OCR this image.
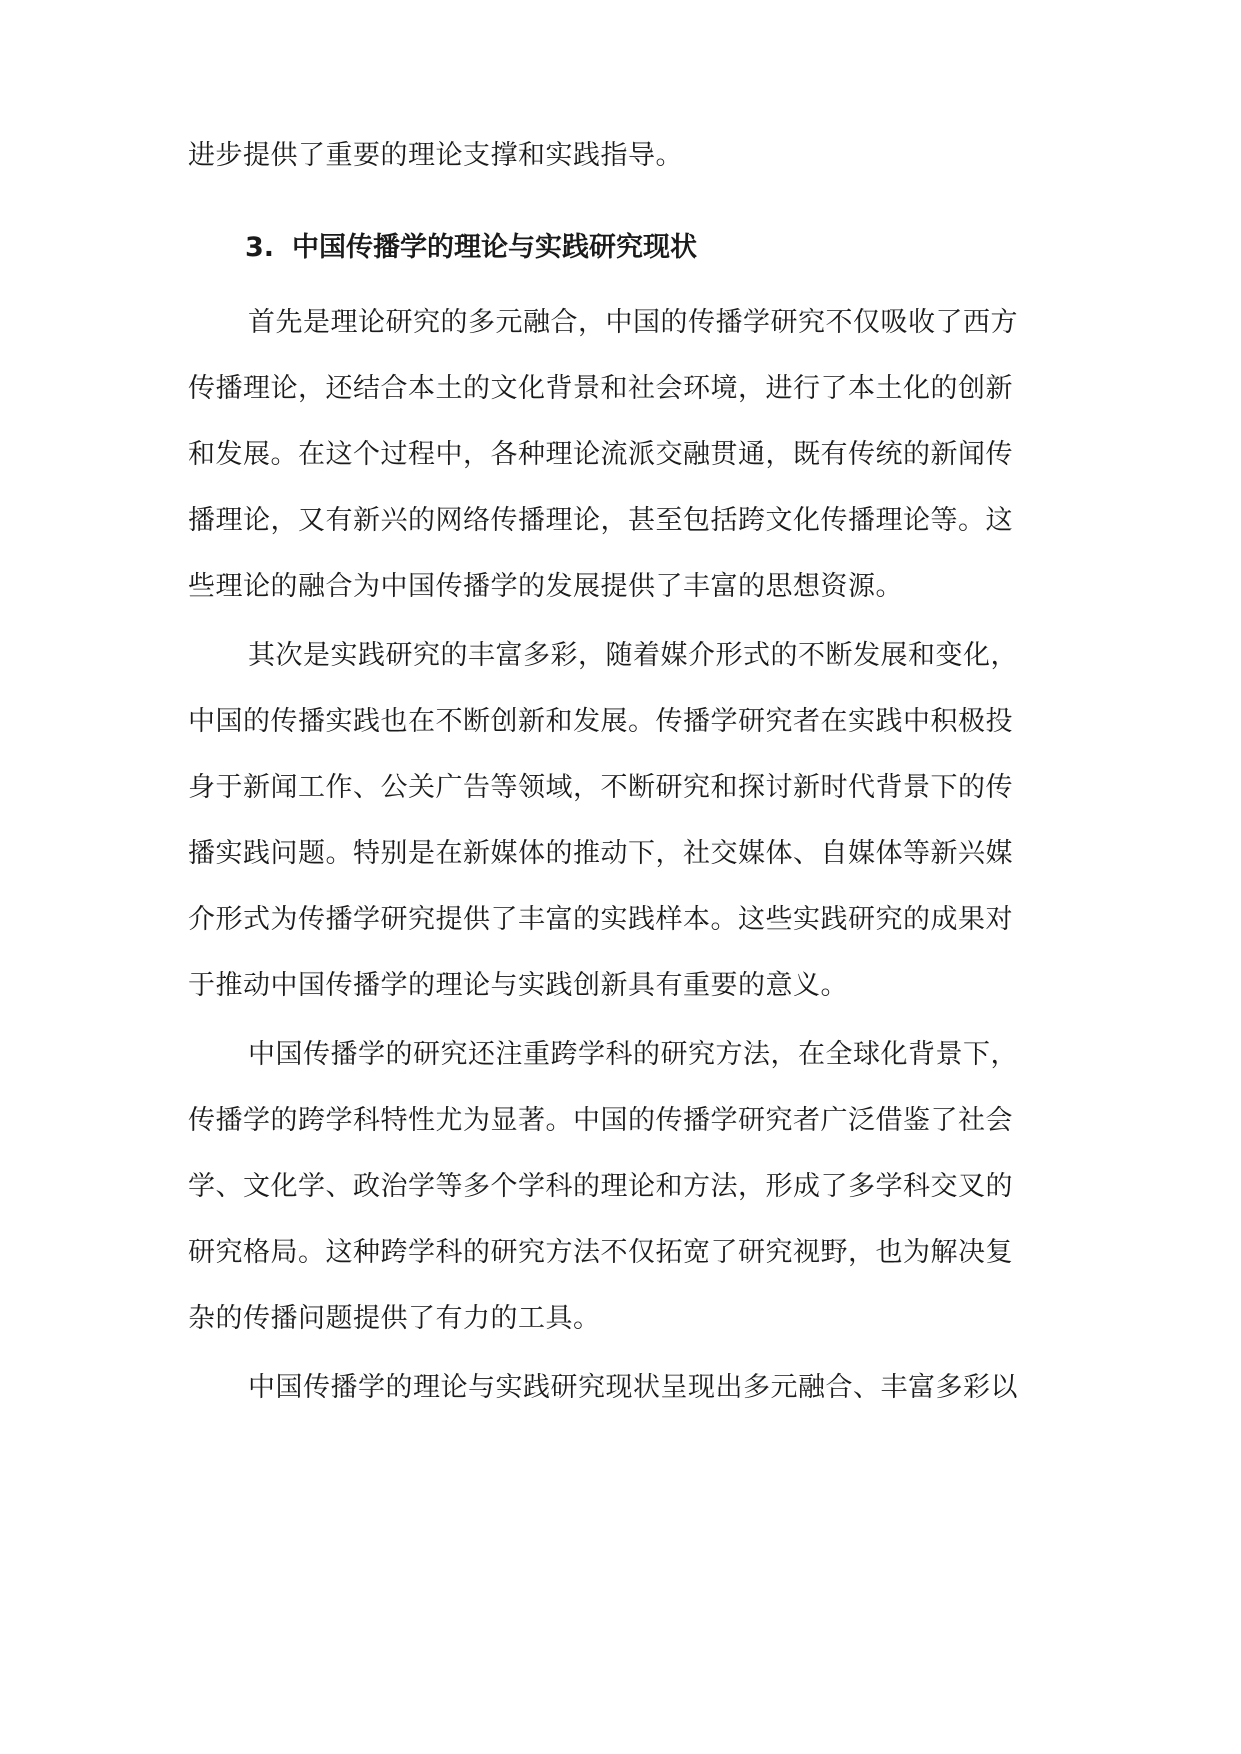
进步提供了重要的理论支撑和实践指导。
3. 中国传播学的理论与实践研究现状
首先是理论研究的多元融合，中国的传播学研究不仅吸收了西方
传播理论，还结合本土的文化背景和社会环境，进行了本土化的创新
和发展。在这个过程中，各种理论流派交融贯通，既有传统的新闻传
播理论，又有新兴的网络传播理论，甚至包括跨文化传播理论等。这
些理论的融合为中国传播学的发展提供了丰富的思想资源。
其次是实践研究的丰富多彩，随着媒介形式的不断发展和变化，
中国的传播实践也在不断创新和发展。传播学研究者在实践中积极投
身于新闻工作、公关广告等领域，不断研究和探讨新时代背景下的传
播实践问题。特别是在新媒体的推动下，社交媒体、自媒体等新兴媒
介形式为传播学研究提供了丰富的实践样本。这些实践研究的成果对
于推动中国传播学的理论与实践创新具有重要的意义。
中国传播学的研究还注重跨学科的研究方法，在全球化背景下，
传播学的跨学科特性尤为显著。中国的传播学研究者广泛借鉴了社会
学、文化学、政治学等多个学科的理论和方法，形成了多学科交叉的
研究格局。这种跨学科的研究方法不仅拓宽了研究视野，也为解决复
杂的传播问题提供了有力的工具。
中国传播学的理论与实践研究现状呈现出多元融合、丰富多彩以
